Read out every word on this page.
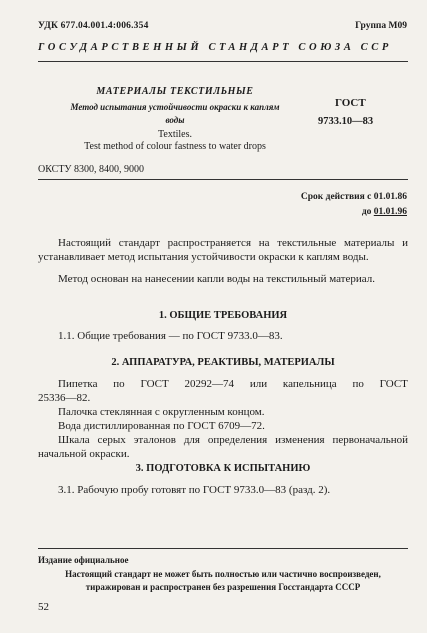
УДК 677.04.001.4:006.354	Группа М09
ГОСУДАРСТВЕННЫЙ СТАНДАРТ СОЮЗА ССР
МАТЕРИАЛЫ ТЕКСТИЛЬНЫЕ
Метод испытания устойчивости окраски к каплям воды
Textiles.
Test method of colour fastness to water drops
ГОСТ
9733.10—83
ОКСТУ 8300, 8400, 9000
Срок действия с 01.01.86
до 01.01.96
Настоящий стандарт распространяется на текстильные материалы и устанавливает метод испытания устойчивости окраски к каплям воды.
Метод основан на нанесении капли воды на текстильный материал.
1. ОБЩИЕ ТРЕБОВАНИЯ
1.1. Общие требования — по ГОСТ 9733.0—83.
2. АППАРАТУРА, РЕАКТИВЫ, МАТЕРИАЛЫ
Пипетка по ГОСТ 20292—74 или капельница по ГОСТ
25336—82.
Палочка стеклянная с округленным концом.
Вода дистиллированная по ГОСТ 6709—72.
Шкала серых эталонов для определения изменения первоначальной
начальной окраски.
3. ПОДГОТОВКА К ИСПЫТАНИЮ
3.1. Рабочую пробу готовят по ГОСТ 9733.0—83 (разд. 2).
Издание официальное
Настоящий стандарт не может быть полностью или частично воспроизведен, тиражирован и распространен без разрешения Госстандарта СССР
52
